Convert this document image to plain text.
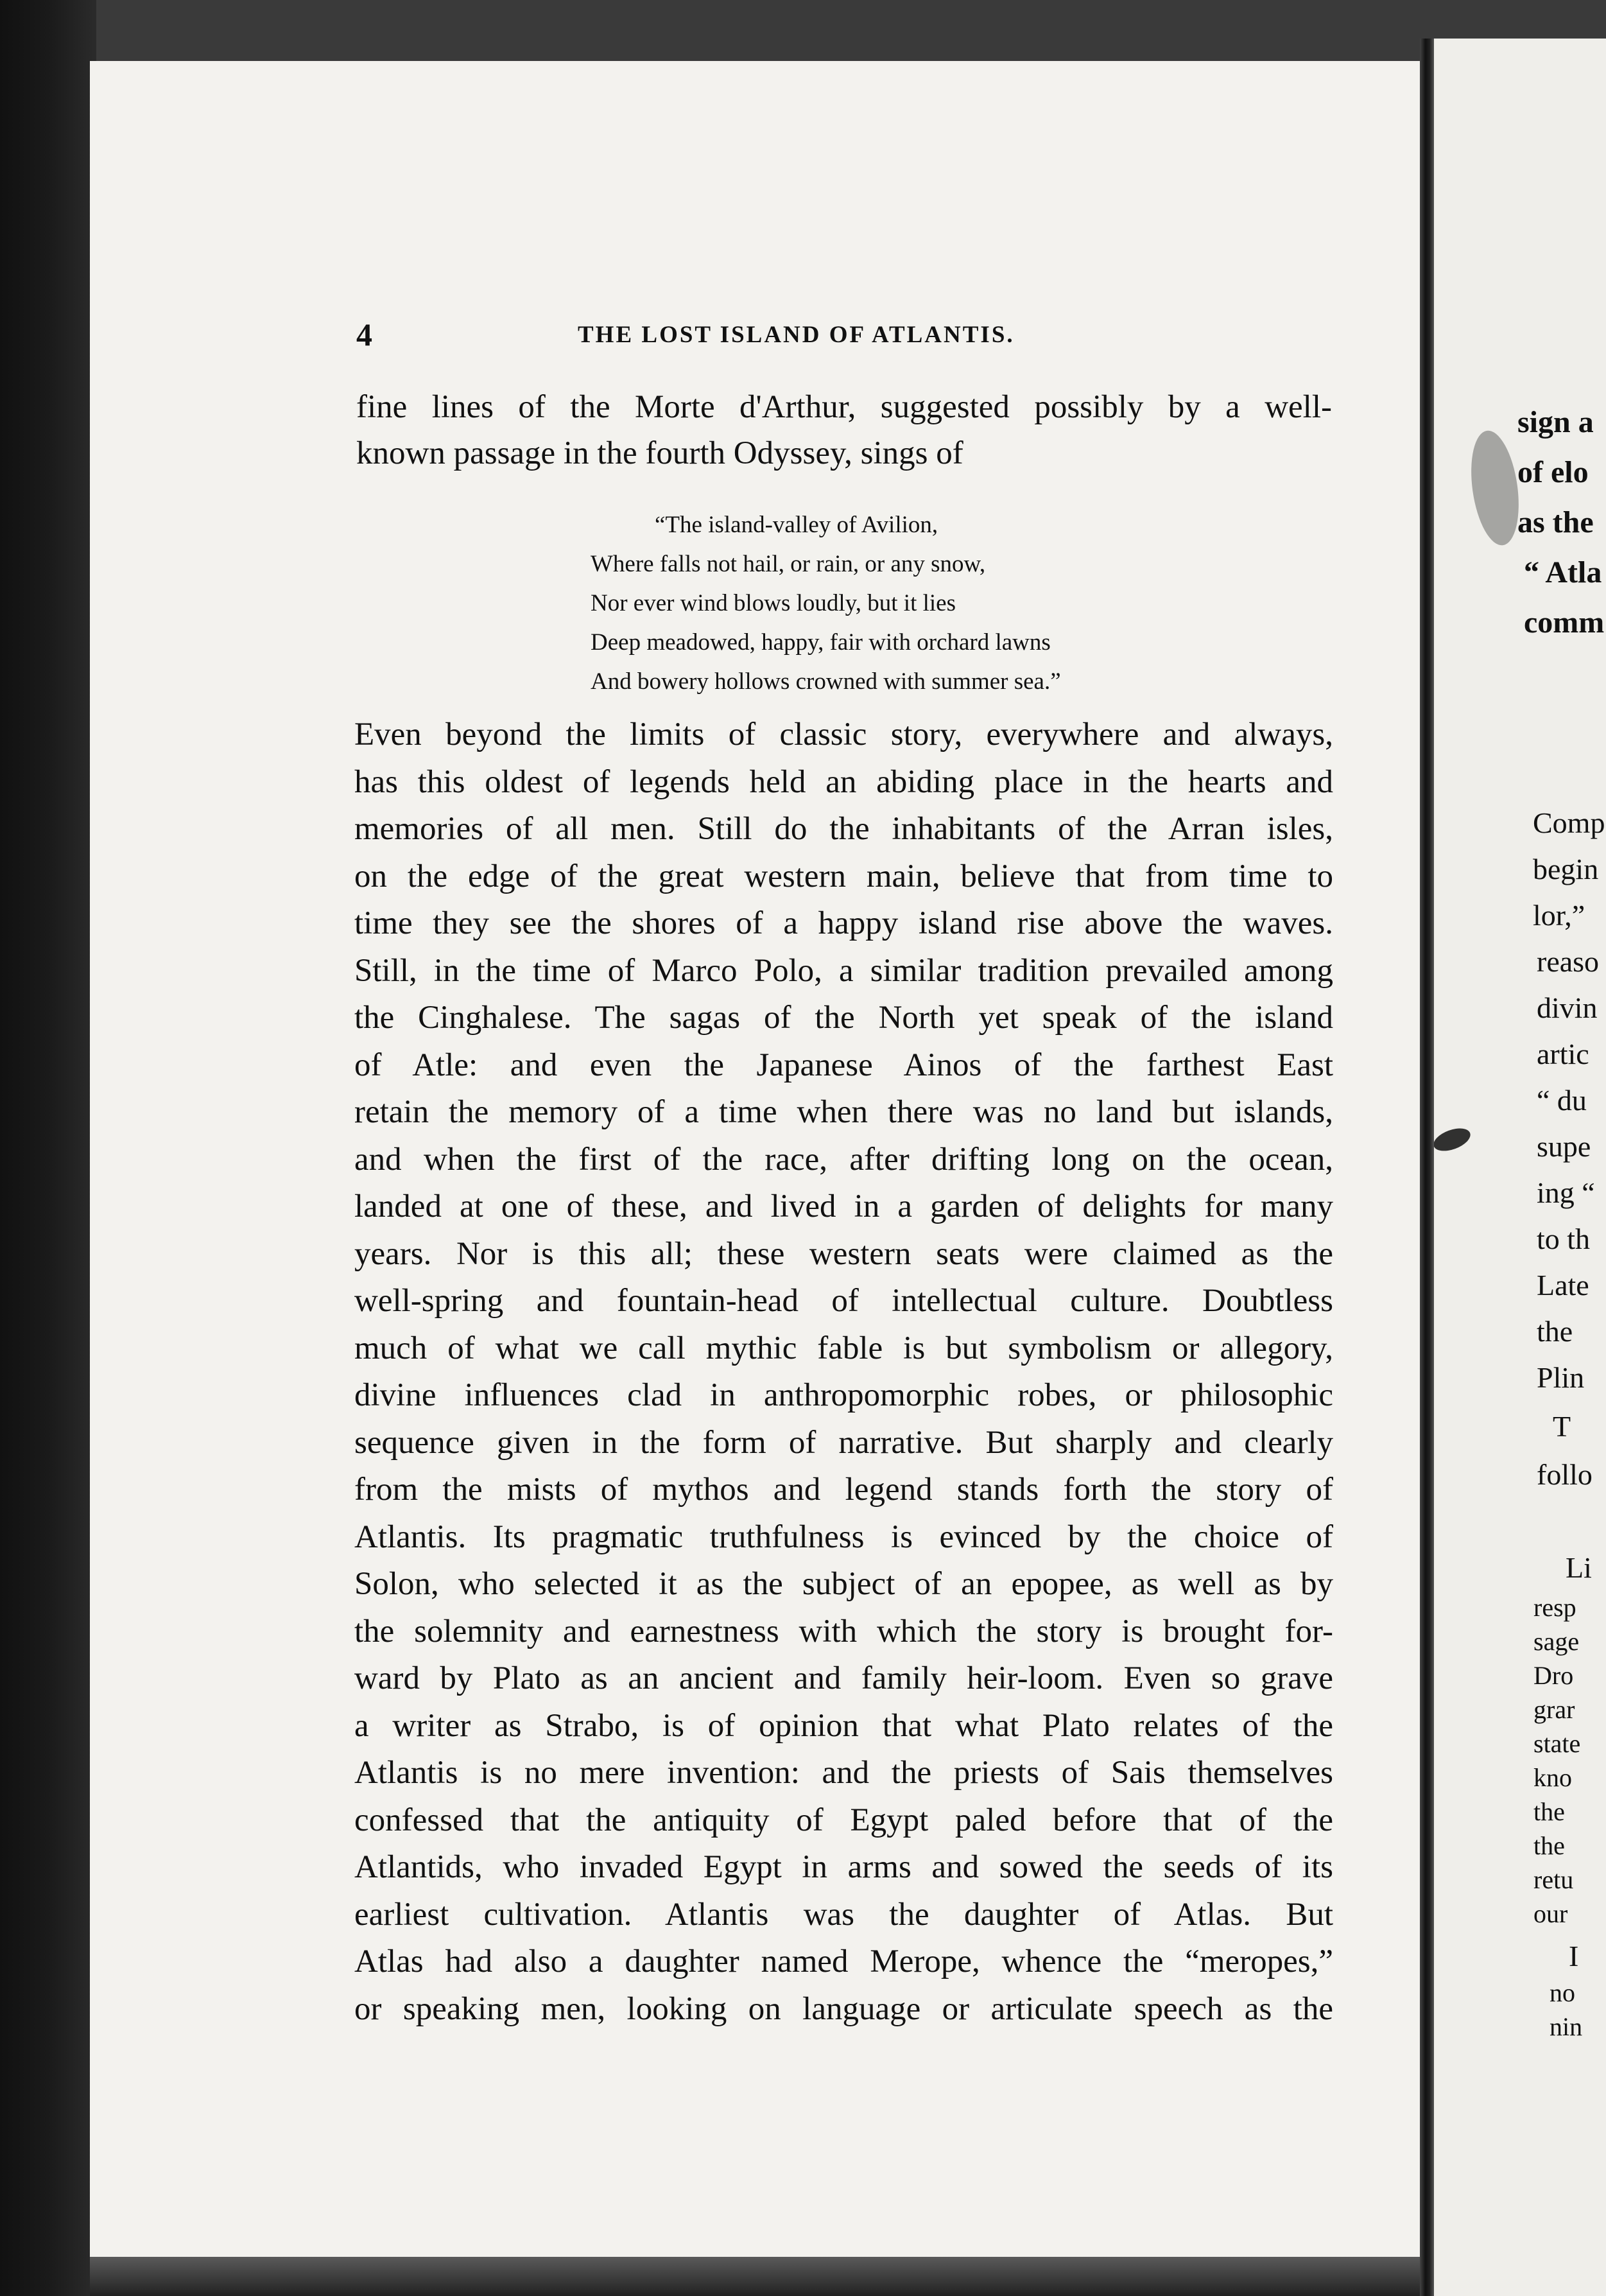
4	THE LOST ISLAND OF ATLANTIS.
fine lines of the Morte d'Arthur, suggested possibly by a well-
known passage in the fourth Odyssey, sings of
“The island-valley of Avilion,
Where falls not hail, or rain, or any snow,
Nor ever wind blows loudly, but it lies
Deep meadowed, happy, fair with orchard lawns
And bowery hollows crowned with summer sea.”
Even beyond the limits of classic story, everywhere and always,
has this oldest of legends held an abiding place in the hearts and
memories of all men. Still do the inhabitants of the Arran isles,
on the edge of the great western main, believe that from time to
time they see the shores of a happy island rise above the waves.
Still, in the time of Marco Polo, a similar tradition prevailed among
the Cinghalese. The sagas of the North yet speak of the island
of Atle: and even the Japanese Ainos of the farthest East
retain the memory of a time when there was no land but islands,
and when the first of the race, after drifting long on the ocean,
landed at one of these, and lived in a garden of delights for many
years. Nor is this all; these western seats were claimed as the
well-spring and fountain-head of intellectual culture. Doubtless
much of what we call mythic fable is but symbolism or allegory,
divine influences clad in anthropomorphic robes, or philosophic
sequence given in the form of narrative. But sharply and clearly
from the mists of mythos and legend stands forth the story of
Atlantis. Its pragmatic truthfulness is evinced by the choice of
Solon, who selected it as the subject of an epopee, as well as by
the solemnity and earnestness with which the story is brought for-
ward by Plato as an ancient and family heir-loom. Even so grave
a writer as Strabo, is of opinion that what Plato relates of the
Atlantis is no mere invention: and the priests of Sais themselves
confessed that the antiquity of Egypt paled before that of the
Atlantids, who invaded Egypt in arms and sowed the seeds of its
earliest cultivation. Atlantis was the daughter of Atlas. But
Atlas had also a daughter named Merope, whence the “meropes,”
or speaking men, looking on language or articulate speech as the
sign a
of elo
as the
“ Atla
comm
Comp
begin
lor,”
reaso
divin
artic
“ du
supe
ing “
to th
Late
the
Plin
T
follo
Li
resp
sage
Dro
grar
state
kno
the
the
retu
our
I
no
nin
